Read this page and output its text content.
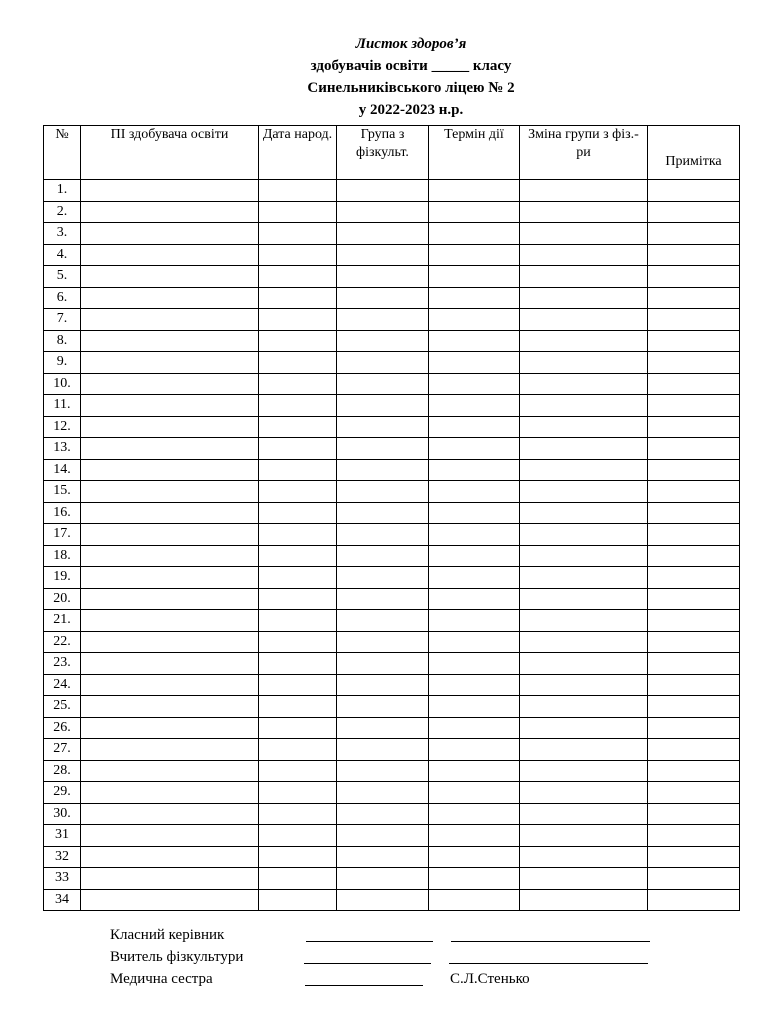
Листок здоров’я
здобувачів освіти _____ класу
Синельниківського ліцею № 2
у 2022-2023 н.р.
№	ПІ здобувача освіти	Дата народ.	Група з фізкульт.	Термін дії	Зміна групи з фіз.- ри	Примітка
1.						
2.						
3.						
4.						
5.						
6.						
7.						
8.						
9.						
10.						
11.						
12.						
13.						
14.						
15.						
16.						
17.						
18.						
19.						
20.						
21.						
22.						
23.						
24.						
25.						
26.						
27.						
28.						
29.						
30.						
31						
32						
33						
34						
Класний керівник
Вчитель фізкультури
Медична сестра	С.Л.Стенько
